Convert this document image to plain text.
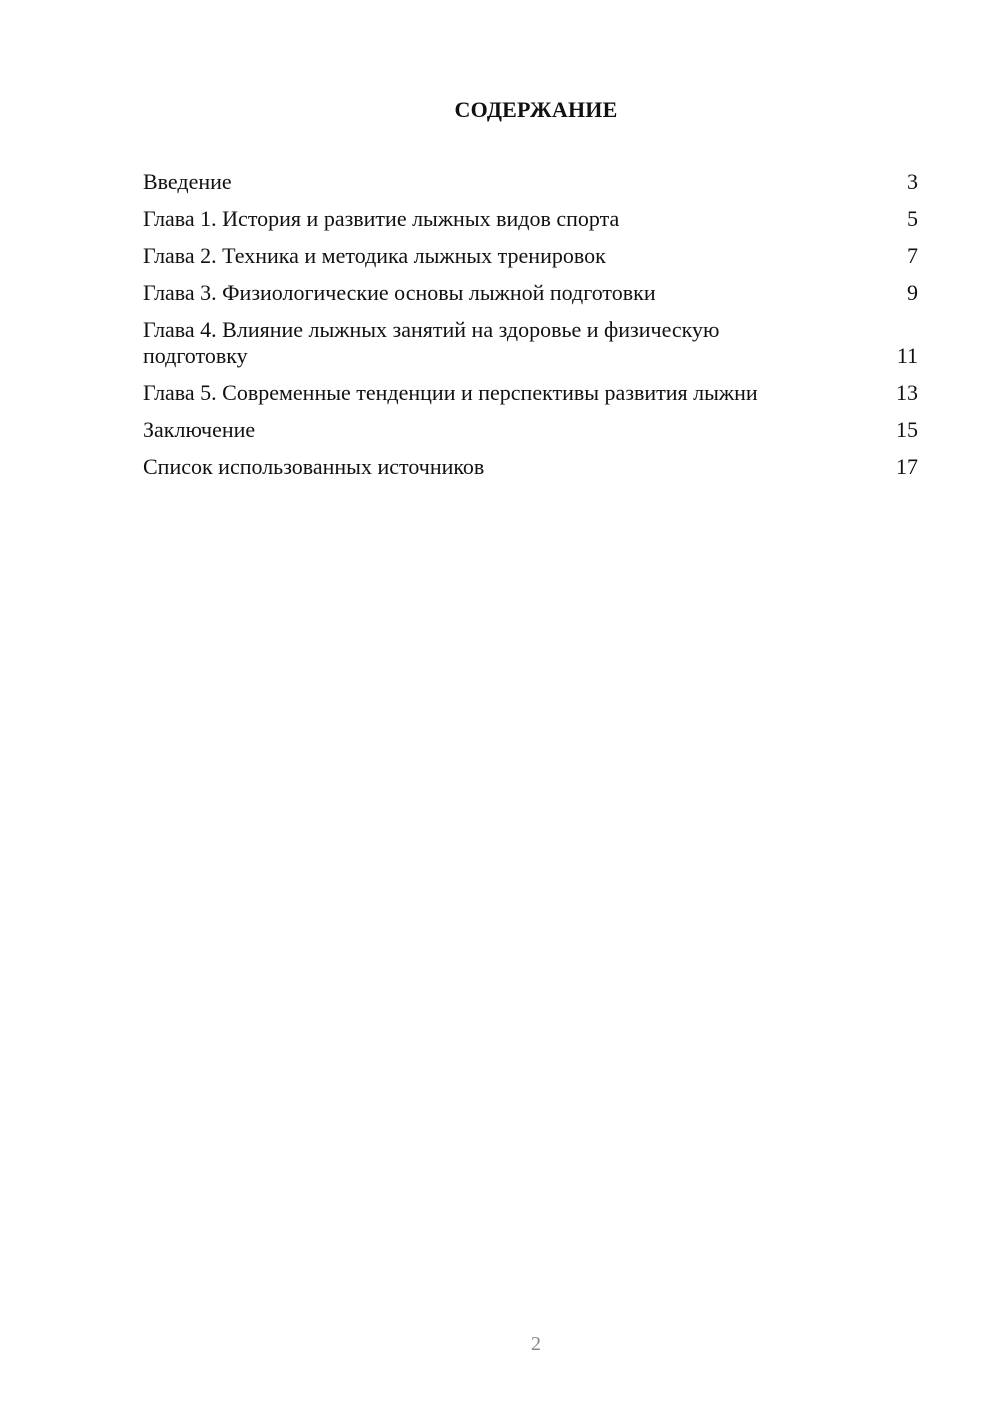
СОДЕРЖАНИЕ
Введение	3
Глава 1. История и развитие лыжных видов спорта	5
Глава 2. Техника и методика лыжных тренировок	7
Глава 3. Физиологические основы лыжной подготовки	9
Глава 4. Влияние лыжных занятий на здоровье и физическую подготовку	11
Глава 5. Современные тенденции и перспективы развития лыжни	13
Заключение	15
Список использованных источников	17
2
